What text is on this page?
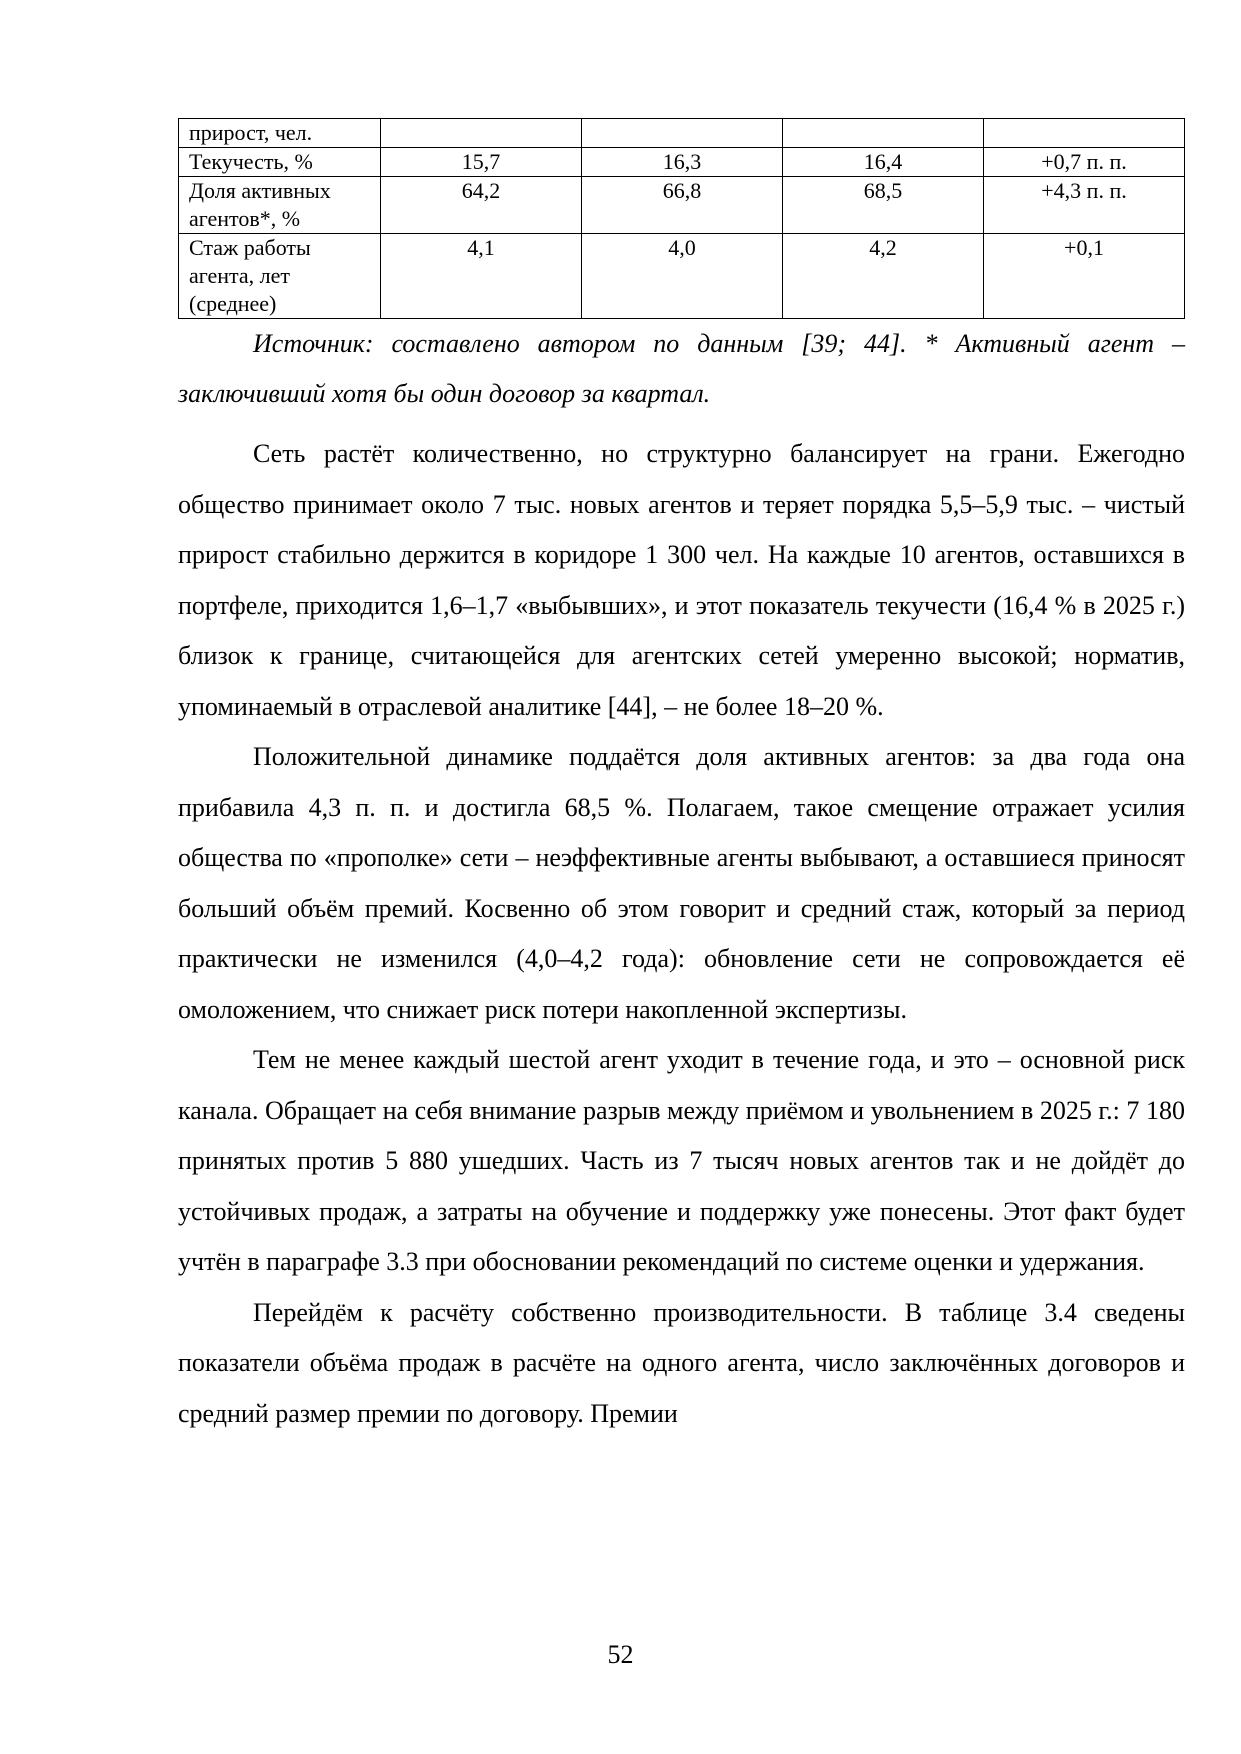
прирост, чел.				
Текучесть, %	15,7	16,3	16,4	+0,7 п. п.
Доля активных агентов*, %	64,2	66,8	68,5	+4,3 п. п.
Стаж работы агента, лет (среднее)	4,1	4,0	4,2	+0,1

Источник: составлено автором по данным [39; 44]. * Активный агент – заключивший хотя бы один договор за квартал.

Сеть растёт количественно, но структурно балансирует на грани. Ежегодно общество принимает около 7 тыс. новых агентов и теряет порядка 5,5–5,9 тыс. – чистый прирост стабильно держится в коридоре 1 300 чел. На каждые 10 агентов, оставшихся в портфеле, приходится 1,6–1,7 «выбывших», и этот показатель текучести (16,4 % в 2025 г.) близок к границе, считающейся для агентских сетей умеренно высокой; норматив, упоминаемый в отраслевой аналитике [44], – не более 18–20 %.

Положительной динамике поддаётся доля активных агентов: за два года она прибавила 4,3 п. п. и достигла 68,5 %. Полагаем, такое смещение отражает усилия общества по «прополке» сети – неэффективные агенты выбывают, а оставшиеся приносят больший объём премий. Косвенно об этом говорит и средний стаж, который за период практически не изменился (4,0–4,2 года): обновление сети не сопровождается её омоложением, что снижает риск потери накопленной экспертизы.

Тем не менее каждый шестой агент уходит в течение года, и это – основной риск канала. Обращает на себя внимание разрыв между приёмом и увольнением в 2025 г.: 7 180 принятых против 5 880 ушедших. Часть из 7 тысяч новых агентов так и не дойдёт до устойчивых продаж, а затраты на обучение и поддержку уже понесены. Этот факт будет учтён в параграфе 3.3 при обосновании рекомендаций по системе оценки и удержания.

Перейдём к расчёту собственно производительности. В таблице 3.4 сведены показатели объёма продаж в расчёте на одного агента, число заключённых договоров и средний размер премии по договору. Премии

52
